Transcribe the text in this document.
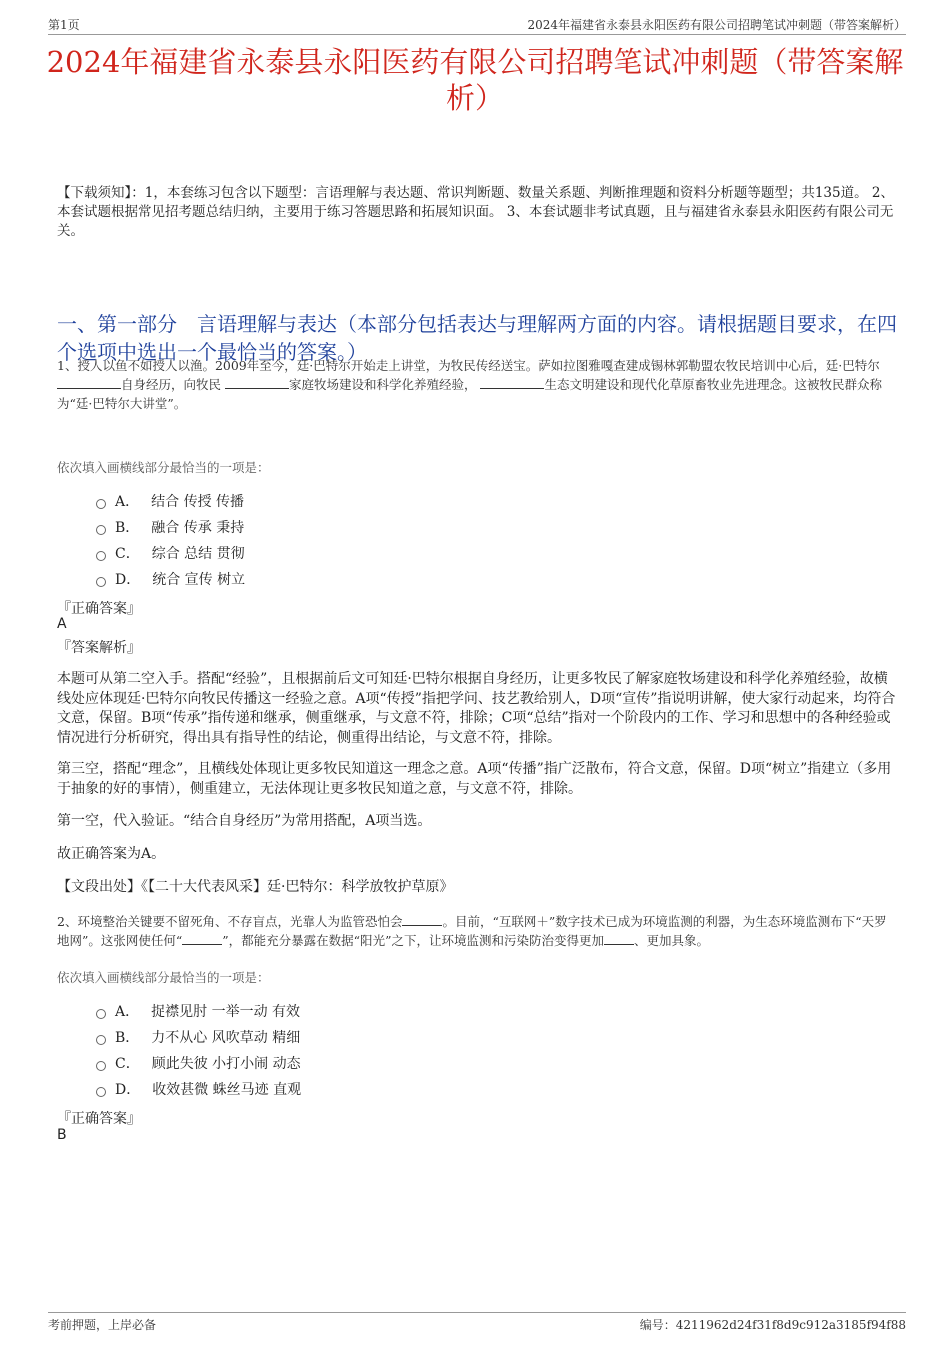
第1页	2024年福建省永泰县永阳医药有限公司招聘笔试冲刺题（带答案解析）
2024年福建省永泰县永阳医药有限公司招聘笔试冲刺题（带答案解析）
【下载须知】：1，本套练习包含以下题型：言语理解与表达题、常识判断题、数量关系题、判断推理题和资料分析题等题型；共135道。 2、本套试题根据常见招考题总结归纳，主要用于练习答题思路和拓展知识面。 3、本套试题非考试真题，且与福建省永泰县永阳医药有限公司无关。
一、第一部分　言语理解与表达（本部分包括表达与理解两方面的内容。请根据题目要求，在四个选项中选出一个最恰当的答案。）
1、授人以鱼不如授人以渔。2009年至今，廷·巴特尔开始走上讲堂，为牧民传经送宝。萨如拉图雅嘎查建成锡林郭勒盟农牧民培训中心后，廷·巴特尔 自身经历，向牧民	家庭牧场建设和科学化养殖经验，	生态文明建设和现代化草原畜牧业先进理念。这被牧民群众称为“廷·巴特尔大讲堂”。
依次填入画横线部分最恰当的一项是：
A． 结合 传授 传播
B． 融合 传承 秉持
C． 综合 总结 贯彻
D． 统合 宣传 树立
『正确答案』
A
『答案解析』
本题可从第二空入手。搭配“经验”，且根据前后文可知廷·巴特尔根据自身经历，让更多牧民了解家庭牧场建设和科学化养殖经验，故横线处应体现廷·巴特尔向牧民传播这一经验之意。A项“传授”指把学问、技艺教给别人，D项“宣传”指说明讲解，使大家行动起来，均符合文意，保留。B项“传承”指传递和继承，侧重继承，与文意不符，排除；C项“总结”指对一个阶段内的工作、学习和思想中的各种经验或情况进行分析研究，得出具有指导性的结论，侧重得出结论，与文意不符，排除。
第三空，搭配“理念”，且横线处体现让更多牧民知道这一理念之意。A项“传播”指广泛散布，符合文意，保留。D项“树立”指建立（多用于抽象的好的事情），侧重建立，无法体现让更多牧民知道之意，与文意不符，排除。
第一空，代入验证。“结合自身经历”为常用搭配，A项当选。
故正确答案为A。
【文段出处】《【二十大代表风采】廷·巴特尔：科学放牧护草原》
2、环境整治关键要不留死角、不存盲点，光靠人为监管恐怕会	。目前，“互联网＋”数字技术已成为环境监测的利器，为生态环境监测布下“天罗地网”。这张网使任何“	”，都能充分暴露在数据“阳光”之下，让环境监测和污染防治变得更加 、更加具象。
依次填入画横线部分最恰当的一项是：
A． 捉襟见肘 一举一动 有效
B． 力不从心 风吹草动 精细
C． 顾此失彼 小打小闹 动态
D． 收效甚微 蛛丝马迹 直观
『正确答案』
B
考前押题，上岸必备	编号：4211962d24f31f8d9c912a3185f94f88
